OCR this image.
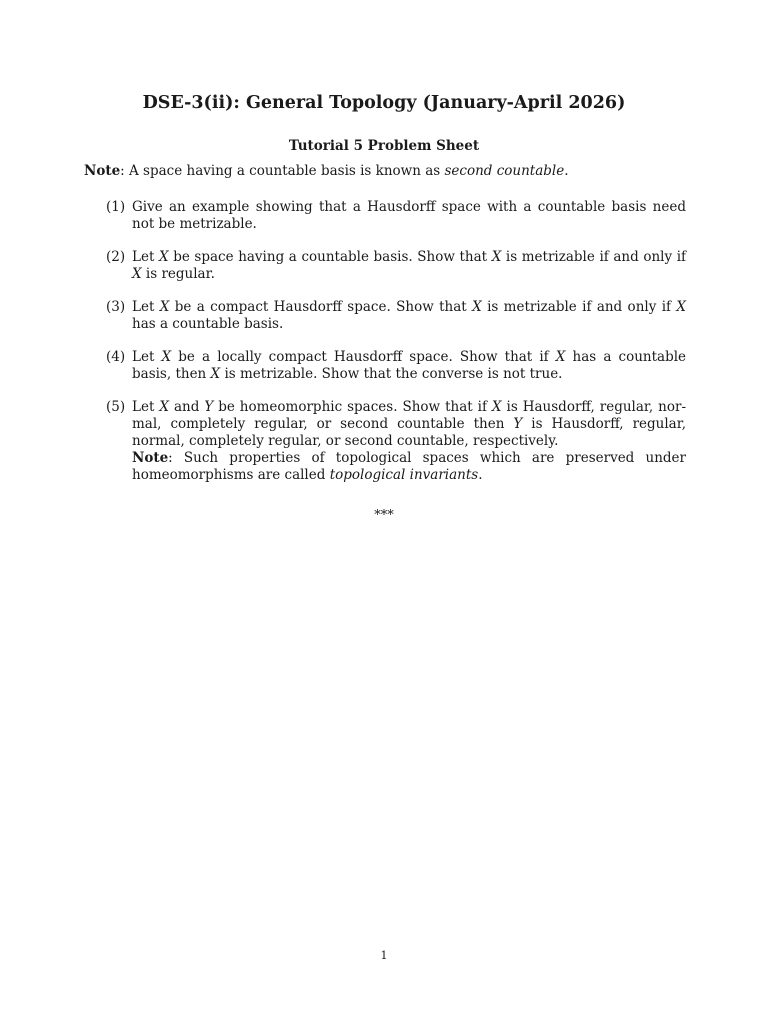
DSE-3(ii): General Topology (January-April 2026)
Tutorial 5 Problem Sheet
Note: A space having a countable basis is known as second countable.
(1) Give an example showing that a Hausdorff space with a countable basis need not be metrizable.
(2) Let X be space having a countable basis. Show that X is metrizable if and only if X is regular.
(3) Let X be a compact Hausdorff space. Show that X is metrizable if and only if X has a countable basis.
(4) Let X be a locally compact Hausdorff space. Show that if X has a countable basis, then X is metrizable. Show that the converse is not true.
(5) Let X and Y be homeomorphic spaces. Show that if X is Hausdorff, regular, normal, completely regular, or second countable then Y is Hausdorff, regular, normal, completely regular, or second countable, respectively.
Note: Such properties of topological spaces which are preserved under homeomorphisms are called topological invariants.
***
1
